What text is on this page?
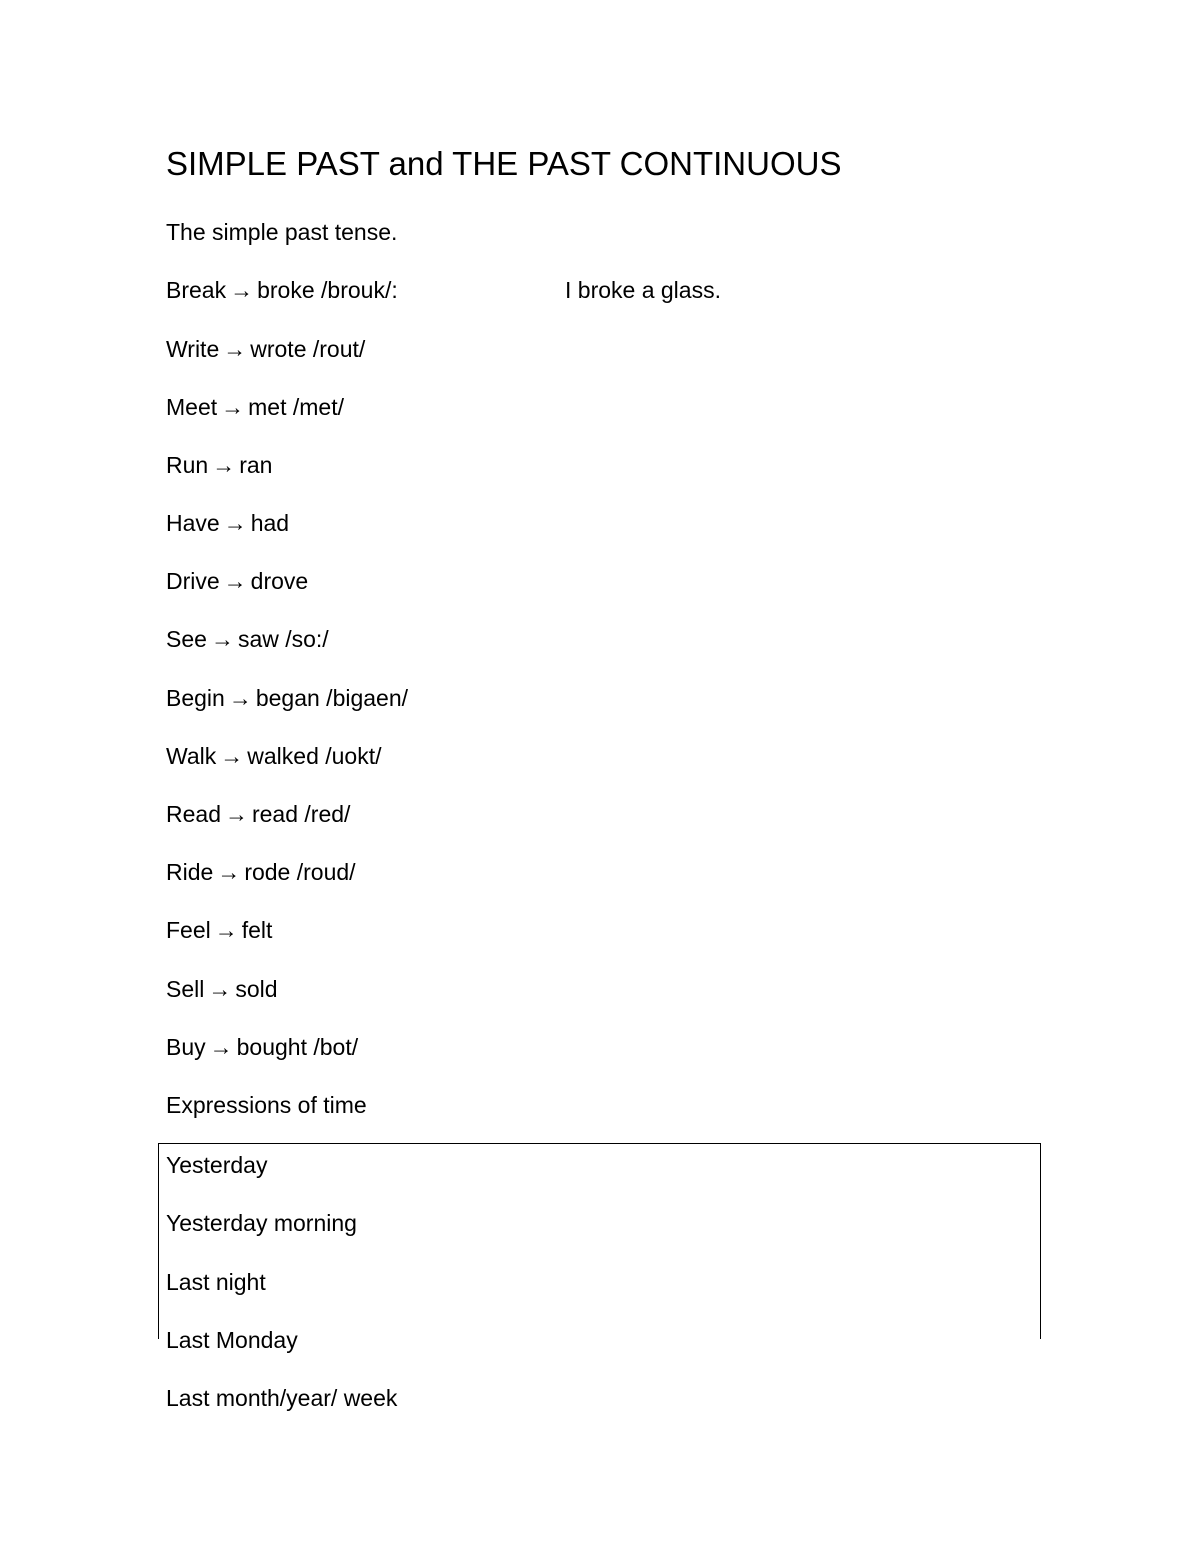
SIMPLE PAST and THE PAST CONTINUOUS
The simple past tense.
Break → broke /brouk/:	I broke a glass.
Write → wrote /rout/
Meet → met /met/
Run → ran
Have → had
Drive → drove
See → saw /so:/
Begin → began /bigaen/
Walk → walked /uokt/
Read → read /red/
Ride → rode /roud/
Feel → felt
Sell → sold
Buy → bought /bot/
Expressions of time
Yesterday
Yesterday morning
Last night
Last Monday
Last month/year/ week
